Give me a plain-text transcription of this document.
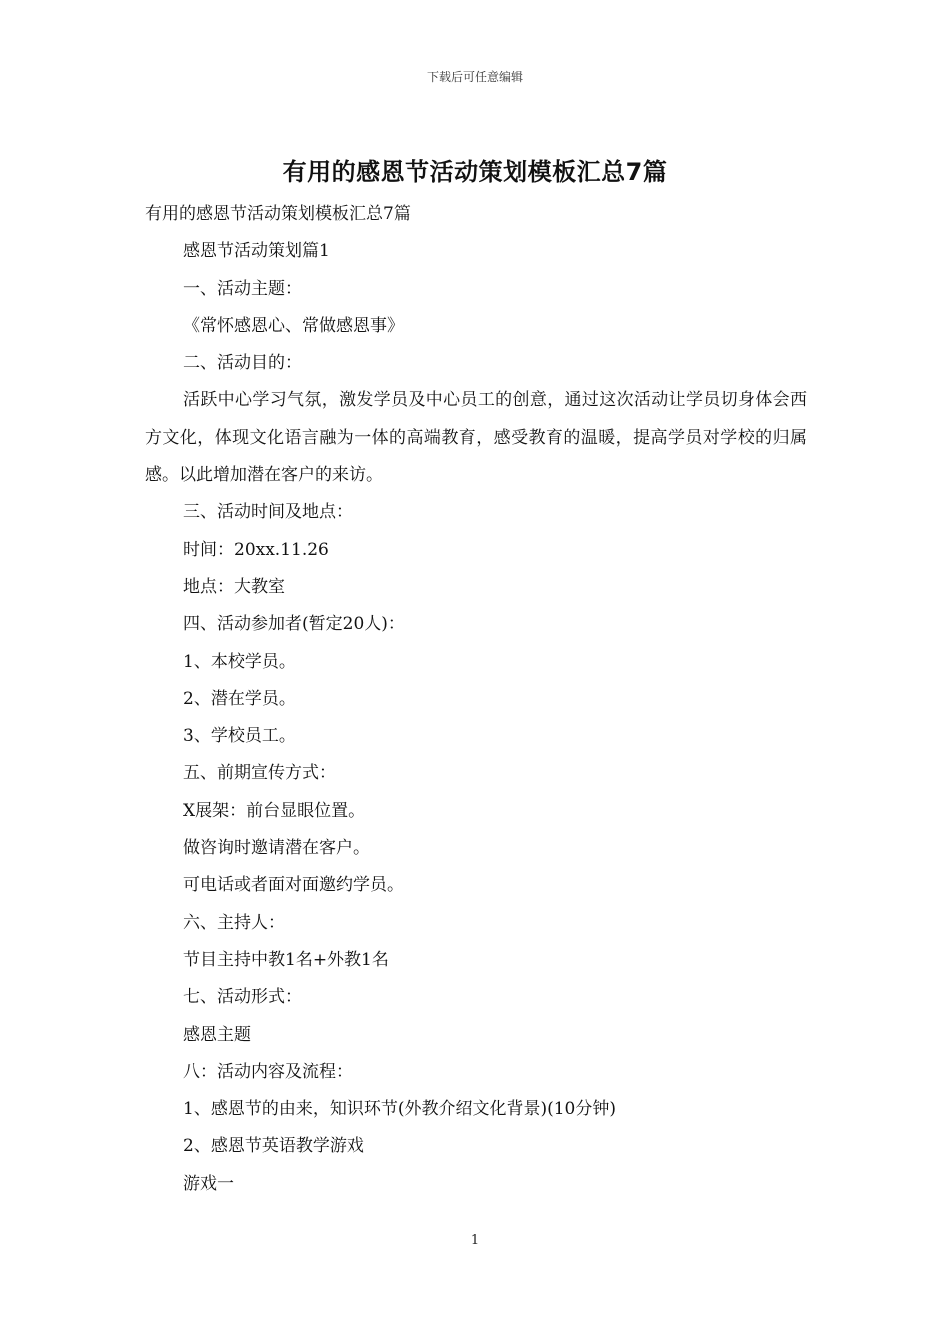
下载后可任意编辑
有用的感恩节活动策划模板汇总7篇

有用的感恩节活动策划模板汇总7篇

感恩节活动策划篇1

一、活动主题：

《常怀感恩心、常做感恩事》

二、活动目的：

活跃中心学习气氛，激发学员及中心员工的创意，通过这次活动让学员切身体会西方文化，体现文化语言融为一体的高端教育，感受教育的温暖，提高学员对学校的归属感。以此增加潜在客户的来访。

三、活动时间及地点：

时间：20xx.11.26

地点：大教室

四、活动参加者(暂定20人)：

1、本校学员。

2、潜在学员。

3、学校员工。

五、前期宣传方式：

X展架：前台显眼位置。

做咨询时邀请潜在客户。

可电话或者面对面邀约学员。

六、主持人：

节目主持中教1名+外教1名

七、活动形式：

感恩主题

八：活动内容及流程：

1、感恩节的由来，知识环节(外教介绍文化背景)(10分钟)

2、感恩节英语教学游戏

游戏一

1
